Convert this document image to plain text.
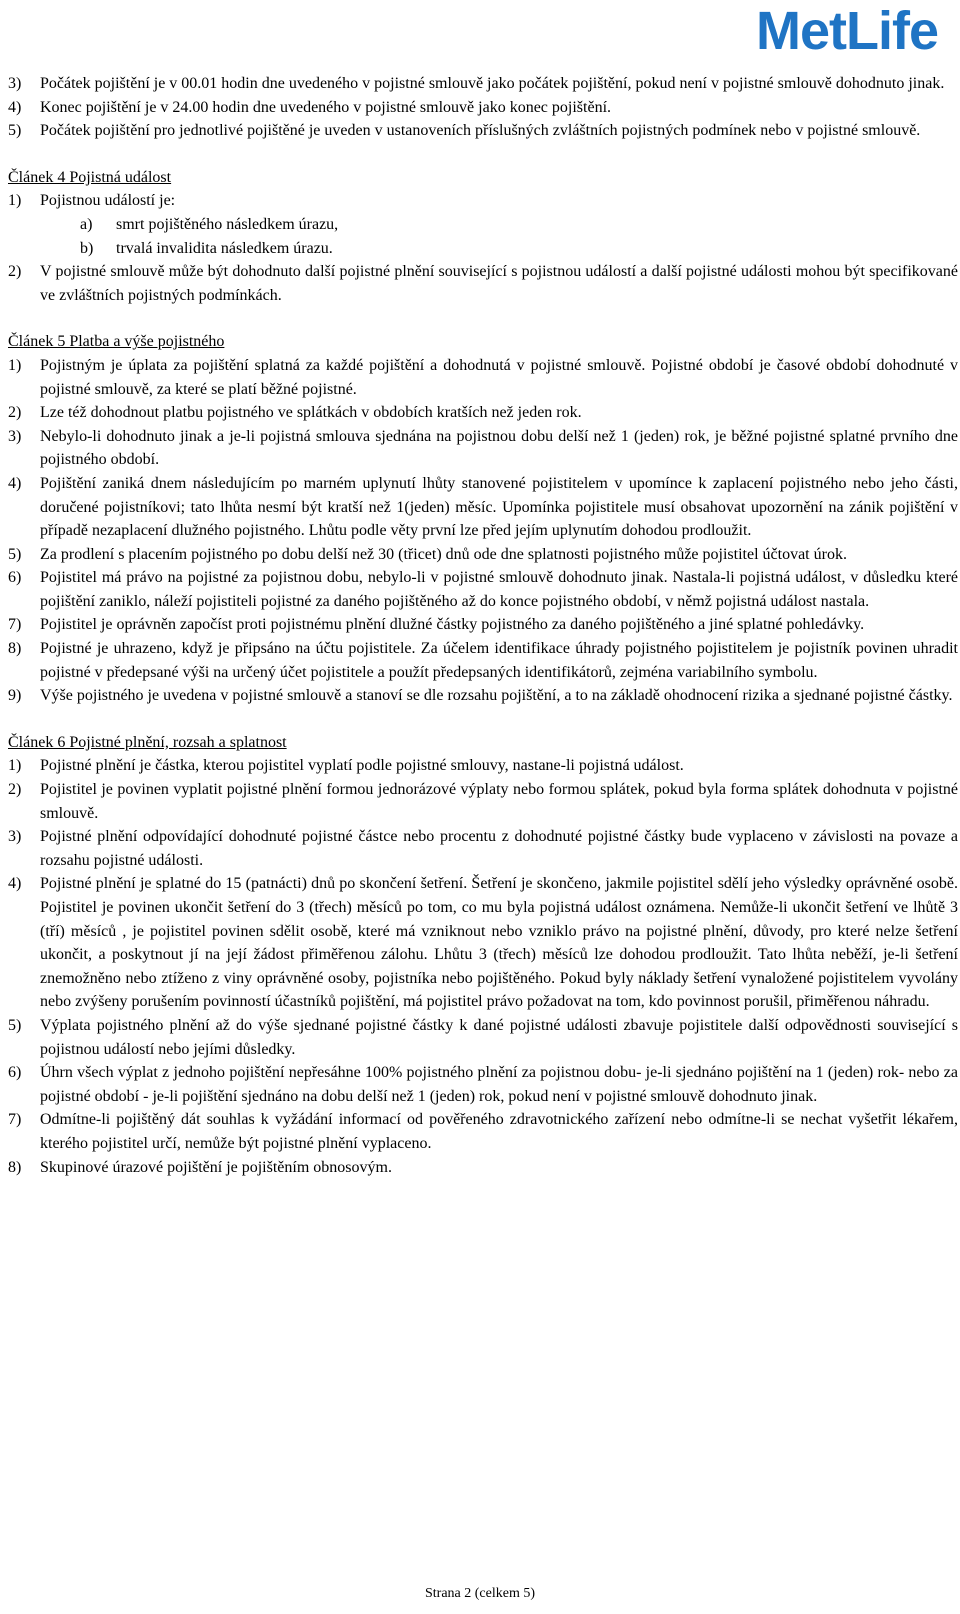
MetLife
3)	Počátek pojištění je v 00.01 hodin dne uvedeného v pojistné smlouvě jako počátek pojištění, pokud není v pojistné smlouvě dohodnuto jinak.
4)	Konec pojištění je v 24.00 hodin dne uvedeného v pojistné smlouvě jako konec pojištění.
5)	Počátek pojištění pro jednotlivé pojištěné je uveden v ustanoveních příslušných zvláštních pojistných podmínek nebo v pojistné smlouvě.
Článek 4 Pojistná událost
1)	Pojistnou událostí je:
a)	smrt pojištěného následkem úrazu,
b)	trvalá invalidita následkem úrazu.
2)	V pojistné smlouvě může být dohodnuto další pojistné plnění související s pojistnou událostí a další pojistné události mohou být specifikované ve zvláštních pojistných podmínkách.
Článek 5 Platba a výše pojistného
1)	Pojistným je úplata za pojištění splatná za každé pojištění a dohodnutá v pojistné smlouvě. Pojistné období je časové období dohodnuté v pojistné smlouvě, za které se platí běžné pojistné.
2)	Lze též dohodnout platbu pojistného ve splátkách v obdobích kratších než jeden rok.
3)	Nebylo-li dohodnuto jinak a je-li pojistná smlouva sjednána na pojistnou dobu delší než 1 (jeden) rok, je běžné pojistné splatné prvního dne pojistného období.
4)	Pojištění zaniká dnem následujícím po marném uplynutí lhůty stanovené pojistitelem v upomínce k zaplacení pojistného nebo jeho části, doručené pojistníkovi; tato lhůta nesmí být kratší než 1(jeden) měsíc. Upomínka pojistitele musí obsahovat upozornění na zánik pojištění v případě nezaplacení dlužného pojistného. Lhůtu podle věty první lze před jejím uplynutím dohodou prodloužit.
5)	Za prodlení s placením pojistného po dobu delší než 30 (třicet) dnů ode dne splatnosti pojistného může pojistitel účtovat úrok.
6)	Pojistitel má právo na pojistné za pojistnou dobu, nebylo-li v pojistné smlouvě dohodnuto jinak. Nastala-li pojistná událost, v důsledku které pojištění zaniklo, náleží pojistiteli pojistné za daného pojištěného až do konce pojistného období, v němž pojistná událost nastala.
7)	Pojistitel je oprávněn započíst proti pojistnému plnění dlužné částky pojistného za daného pojištěného a jiné splatné pohledávky.
8)	Pojistné je uhrazeno, když je připsáno na účtu pojistitele. Za účelem identifikace úhrady pojistného pojistitelem je pojistník povinen uhradit pojistné v předepsané výši na určený účet pojistitele a použít předepsaných identifikátorů, zejména variabilního symbolu.
9)	Výše pojistného je uvedena v pojistné smlouvě a stanoví se dle rozsahu pojištění, a to na základě ohodnocení rizika a sjednané pojistné částky.
Článek 6 Pojistné plnění, rozsah a splatnost
1)	Pojistné plnění je částka, kterou pojistitel vyplatí podle pojistné smlouvy, nastane-li pojistná událost.
2)	Pojistitel je povinen vyplatit pojistné plnění formou jednorázové výplaty nebo formou splátek, pokud byla forma splátek dohodnuta v pojistné smlouvě.
3)	Pojistné plnění odpovídající dohodnuté pojistné částce nebo procentu z dohodnuté pojistné částky bude vyplaceno v závislosti na povaze a rozsahu pojistné události.
4)	Pojistné plnění je splatné do 15 (patnácti) dnů po skončení šetření. Šetření je skončeno, jakmile pojistitel sdělí jeho výsledky oprávněné osobě. Pojistitel je povinen ukončit šetření do 3 (třech) měsíců po tom, co mu byla pojistná událost oznámena. Nemůže-li ukončit šetření ve lhůtě 3 (tří) měsíců , je pojistitel povinen sdělit osobě, které má vzniknout nebo vzniklo právo na pojistné plnění, důvody, pro které nelze šetření ukončit, a poskytnout jí na její žádost přiměřenou zálohu. Lhůtu 3 (třech) měsíců lze dohodou prodloužit. Tato lhůta neběží, je-li šetření znemožněno nebo ztíženo z viny oprávněné osoby, pojistníka nebo pojištěného. Pokud byly náklady šetření vynaložené pojistitelem vyvolány nebo zvýšeny porušením povinností účastníků pojištění, má pojistitel právo požadovat na tom, kdo povinnost porušil, přiměřenou náhradu.
5)	Výplata pojistného plnění až do výše sjednané pojistné částky k dané pojistné události zbavuje pojistitele další odpovědnosti související s pojistnou událostí nebo jejími důsledky.
6)	Úhrn všech výplat z jednoho pojištění nepřesáhne 100% pojistného plnění za pojistnou dobu- je-li sjednáno pojištění na 1 (jeden) rok- nebo za pojistné období - je-li pojištění sjednáno na dobu delší než 1 (jeden) rok, pokud není v pojistné smlouvě dohodnuto jinak.
7)	Odmítne-li pojištěný dát souhlas k vyžádání informací od pověřeného zdravotnického zařízení nebo odmítne-li se nechat vyšetřit lékařem, kterého pojistitel určí, nemůže být pojistné plnění vyplaceno.
8)	Skupinové úrazové pojištění je pojištěním obnosovým.
Strana 2 (celkem 5)
